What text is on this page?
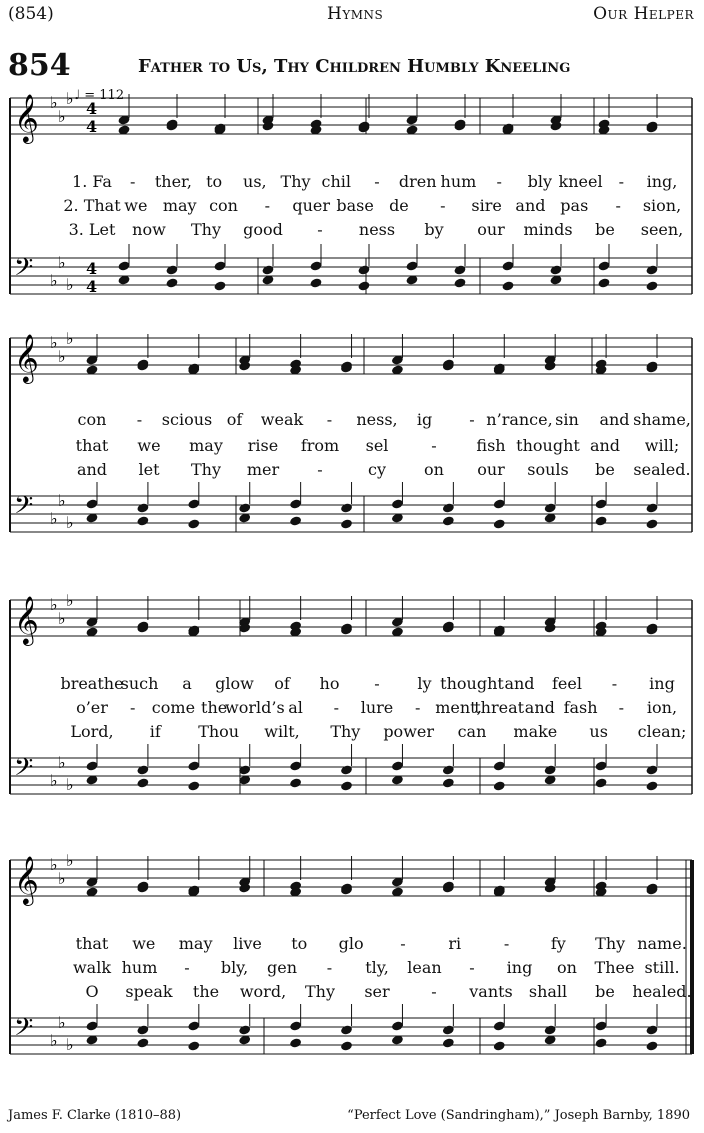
(854)	Hymns	Our Helper
854	Father to Us, Thy Children Humbly Kneeling
♩ = 112
𝄞 ♭
♭
♭
4
4
𝄢 ♭
♭
♭
4
4
𝄞 ♭
♭
♭
𝄢 ♭
♭
♭
𝄞 ♭
♭
♭
𝄢 ♭
♭
♭
𝄞 ♭
♭
♭
𝄢 ♭
♭
♭
1. Fa - ther, to us, Thy chil - dren hum - bly kneel - ing,
2. That we may con - quer base de - sire and pas - sion,
3. Let now Thy good - ness by our minds be seen,
con - scious of weak - ness, ig - n’rance, sin and shame,
that we may rise from sel	- fish thought and will;
and let Thy mer -	cy on our souls be sealed.
breathe
such a glow of ho - ly thought and feel - ing
o’er - come the
world’s al - lure - ment,
threat and fash - ion,
Lord, if Thou wilt, Thy power can make us clean;
that we may live to glo -	ri	-	fy Thy name.
walk hum - bly, gen - tly, lean - ing on Thee still.
O speak the word, Thy ser	- vants shall be healed.
James F. Clarke (1810–88)	“Perfect Love (Sandringham),” Joseph Barnby, 1890
